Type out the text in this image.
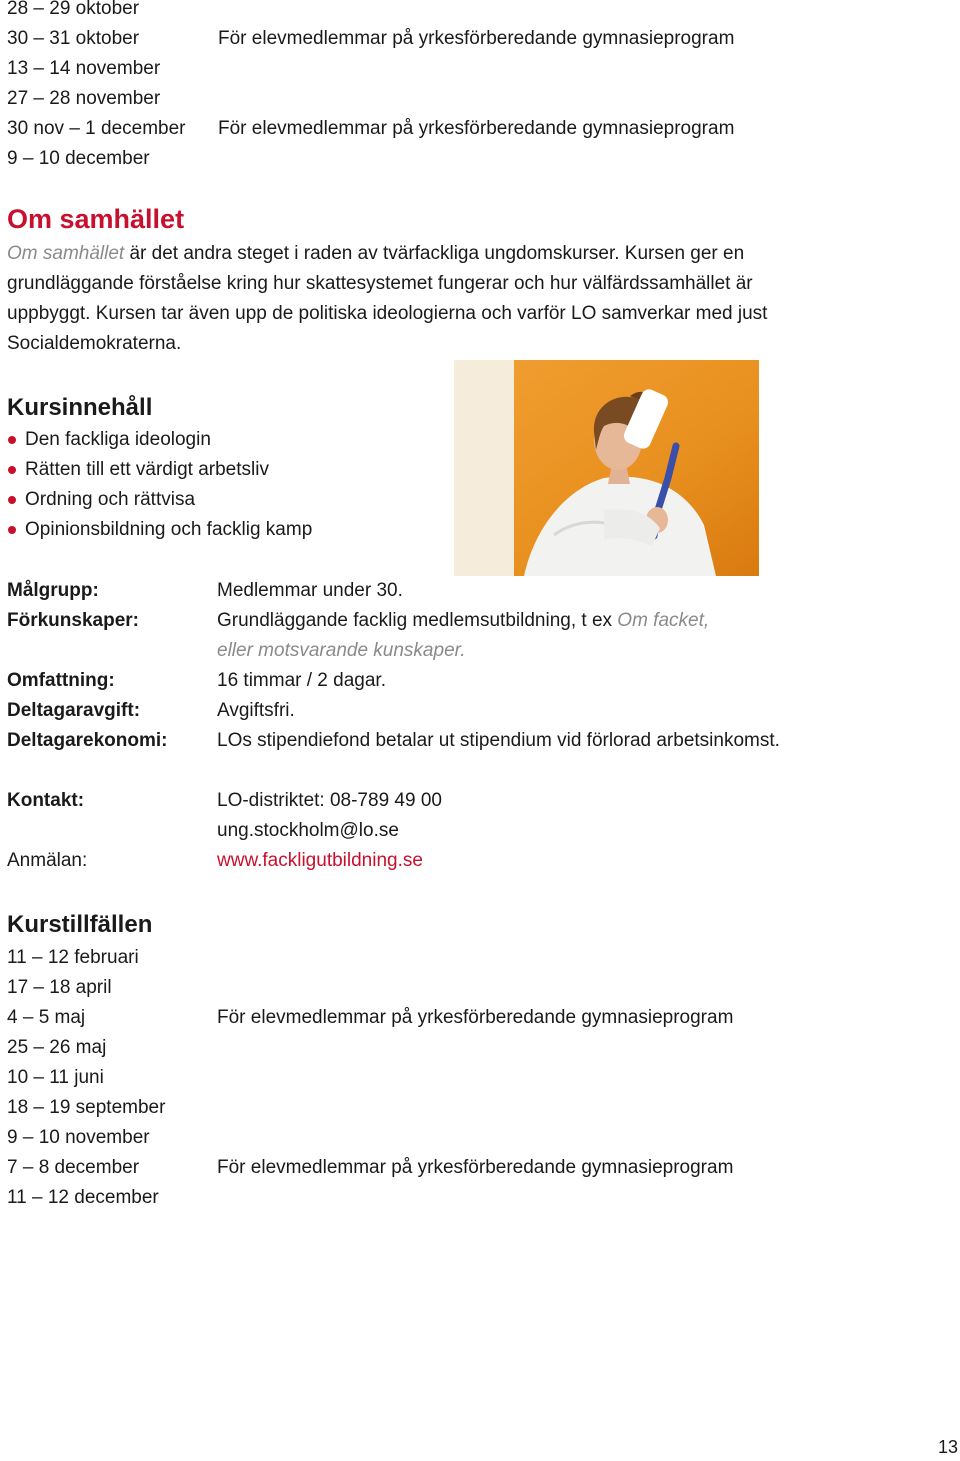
28 – 29 oktober
30 – 31 oktober	För elevmedlemmar på yrkesförberedande gymnasieprogram
13 – 14 november
27 – 28 november
30 nov – 1 december För elevmedlemmar på yrkesförberedande gymnasieprogram
9 – 10 december
Om samhället
Om samhället är det andra steget i raden av tvärfackliga ungdomskurser. Kursen ger en grundläggande förståelse kring hur skattesystemet fungerar och hur välfärdssamhället är uppbyggt. Kursen tar även upp de politiska ideologierna och varför LO samverkar med just Socialdemokraterna.
Kursinnehåll
Den fackliga ideologin
Rätten till ett värdigt arbetsliv
Ordning och rättvisa
Opinionsbildning och facklig kamp
Målgrupp:	Medlemmar under 30.
Förkunskaper:	Grundläggande facklig medlemsutbildning, t ex Om facket,
eller motsvarande kunskaper.
Omfattning:	16 timmar / 2 dagar.
Deltagaravgift:	Avgiftsfri.
Deltagarekonomi:	LOs stipendiefond betalar ut stipendium vid förlorad arbetsinkomst.
Kontakt:	LO-distriktet: 08-789 49 00
ung.stockholm@lo.se
Anmälan:	www.fackligutbildning.se
Kurstillfällen
11 – 12 februari
17 – 18 april
4 – 5 maj	För elevmedlemmar på yrkesförberedande gymnasieprogram
25 – 26 maj
10 – 11 juni
18 – 19 september
9 – 10 november
7 – 8 december	För elevmedlemmar på yrkesförberedande gymnasieprogram
11 – 12 december
13
